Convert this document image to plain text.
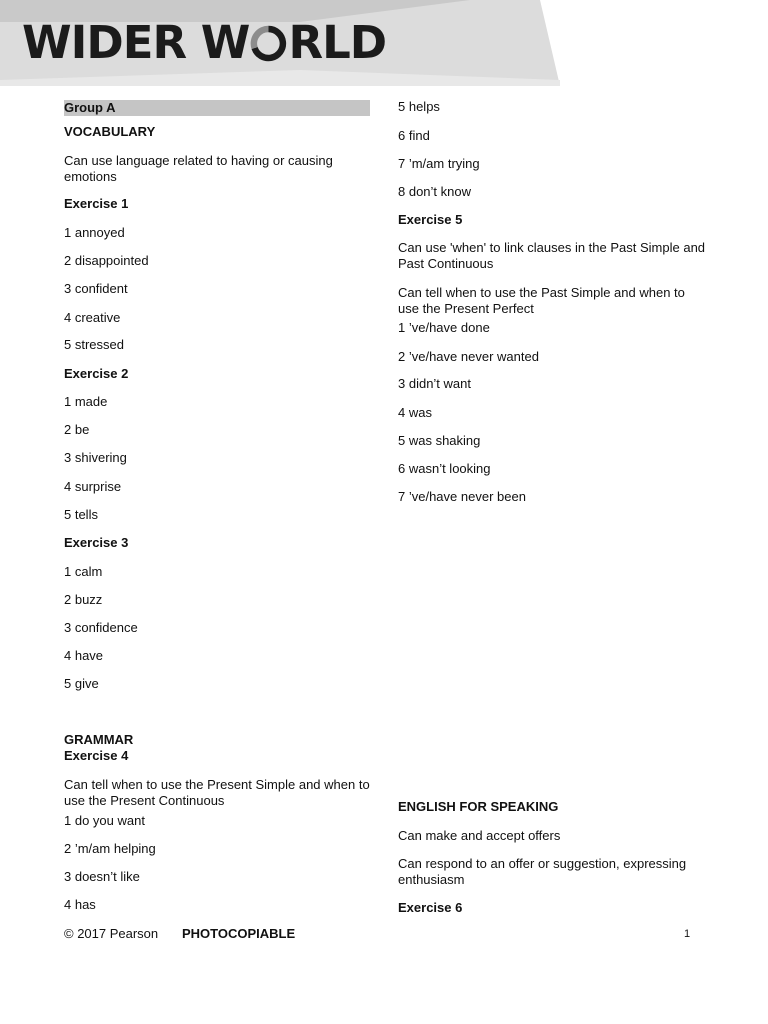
WIDER W RLD
Group A
VOCABULARY
Can use language related to having or causing emotions
Exercise 1
1 annoyed
2 disappointed
3 confident
4 creative
5 stressed
Exercise 2
1 made
2 be
3 shivering
4 surprise
5 tells
Exercise 3
1 calm
2 buzz
3 confidence
4 have
5 give
GRAMMAR
Exercise 4
Can tell when to use the Present Simple and when to use the Present Continuous
1 do you want
2 ’m/am helping
3 doesn’t like
4 has
5 helps
6 find
7 ’m/am trying
8 don’t know
Exercise 5
Can use 'when' to link clauses in the Past Simple and Past Continuous
Can tell when to use the Past Simple and when to use the Present Perfect
1 ’ve/have done
2 ’ve/have never wanted
3 didn’t want
4 was
5 was shaking
6 wasn’t looking
7 ’ve/have never been
ENGLISH FOR SPEAKING
Can make and accept offers
Can respond to an offer or suggestion, expressing enthusiasm
Exercise 6
© 2017 Pearson PHOTOCOPIABLE	1
